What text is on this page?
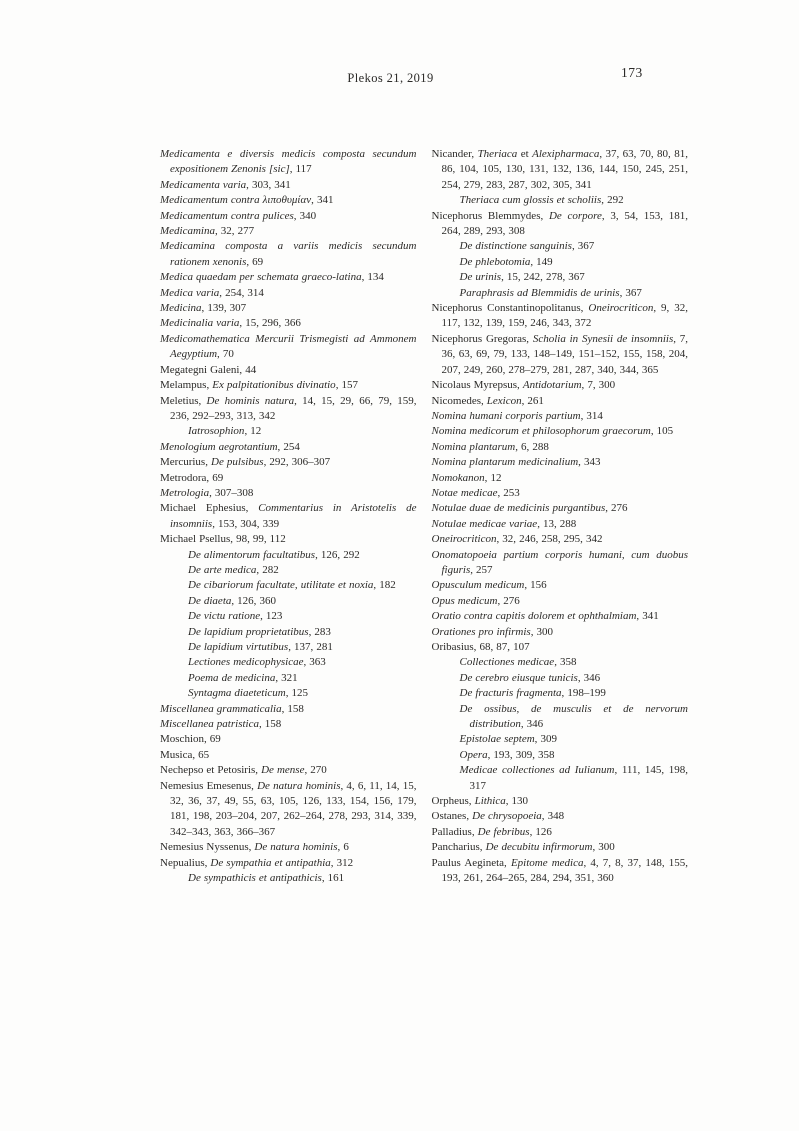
Plekos 21, 2019	173
Medicamenta e diversis medicis composta secundum expositionem Zenonis [sic], 117
Medicamenta varia, 303, 341
Medicamentum contra λιποθυμίαν, 341
Medicamentum contra pulices, 340
Medicamina, 32, 277
Medicamina composta a variis medicis secundum rationem xenonis, 69
Medica quaedam per schemata graeco-latina, 134
Medica varia, 254, 314
Medicina, 139, 307
Medicinalia varia, 15, 296, 366
Medicomathematica Mercurii Trismegisti ad Ammonem Aegyptium, 70
Megategni Galeni, 44
Melampus, Ex palpitationibus divinatio, 157
Meletius, De hominis natura, 14, 15, 29, 66, 79, 159, 236, 292–293, 313, 342
Iatrosophion, 12
Menologium aegrotantium, 254
Mercurius, De pulsibus, 292, 306–307
Metrodora, 69
Metrologia, 307–308
Michael Ephesius, Commentarius in Aristotelis de insomniis, 153, 304, 339
Michael Psellus, 98, 99, 112
De alimentorum facultatibus, 126, 292
De arte medica, 282
De cibariorum facultate, utilitate et noxia, 182
De diaeta, 126, 360
De victu ratione, 123
De lapidium proprietatibus, 283
De lapidium virtutibus, 137, 281
Lectiones medicophysicae, 363
Poema de medicina, 321
Syntagma diaeteticum, 125
Miscellanea grammaticalia, 158
Miscellanea patristica, 158
Moschion, 69
Musica, 65
Nechepso et Petosiris, De mense, 270
Nemesius Emesenus, De natura hominis, 4, 6, 11, 14, 15, 32, 36, 37, 49, 55, 63, 105, 126, 133, 154, 156, 179, 181, 198, 203–204, 207, 262–264, 278, 293, 314, 339, 342–343, 363, 366–367
Nemesius Nyssenus, De natura hominis, 6
Nepualius, De sympathia et antipathia, 312
De sympathicis et antipathicis, 161
Nicander, Theriaca et Alexipharmaca, 37, 63, 70, 80, 81, 86, 104, 105, 130, 131, 132, 136, 144, 150, 245, 251, 254, 279, 283, 287, 302, 305, 341
Theriaca cum glossis et scholiis, 292
Nicephorus Blemmydes, De corpore, 3, 54, 153, 181, 264, 289, 293, 308
De distinctione sanguinis, 367
De phlebotomia, 149
De urinis, 15, 242, 278, 367
Paraphrasis ad Blemmidis de urinis, 367
Nicephorus Constantinopolitanus, Oneirocriticon, 9, 32, 117, 132, 139, 159, 246, 343, 372
Nicephorus Gregoras, Scholia in Synesii de insomniis, 7, 36, 63, 69, 79, 133, 148–149, 151–152, 155, 158, 204, 207, 249, 260, 278–279, 281, 287, 340, 344, 365
Nicolaus Myrepsus, Antidotarium, 7, 300
Nicomedes, Lexicon, 261
Nomina humani corporis partium, 314
Nomina medicorum et philosophorum graecorum, 105
Nomina plantarum, 6, 288
Nomina plantarum medicinalium, 343
Nomokanon, 12
Notae medicae, 253
Notulae duae de medicinis purgantibus, 276
Notulae medicae variae, 13, 288
Oneirocriticon, 32, 246, 258, 295, 342
Onomatopoeia partium corporis humani, cum duobus figuris, 257
Opusculum medicum, 156
Opus medicum, 276
Oratio contra capitis dolorem et ophthalmiam, 341
Orationes pro infirmis, 300
Oribasius, 68, 87, 107
Collectiones medicae, 358
De cerebro eiusque tunicis, 346
De fracturis fragmenta, 198–199
De ossibus, de musculis et de nervorum distribution, 346
Epistolae septem, 309
Opera, 193, 309, 358
Medicae collectiones ad Iulianum, 111, 145, 198, 317
Orpheus, Lithica, 130
Ostanes, De chrysopoeia, 348
Palladius, De febribus, 126
Pancharius, De decubitu infirmorum, 300
Paulus Aegineta, Epitome medica, 4, 7, 8, 37, 148, 155, 193, 261, 264–265, 284, 294, 351, 360
